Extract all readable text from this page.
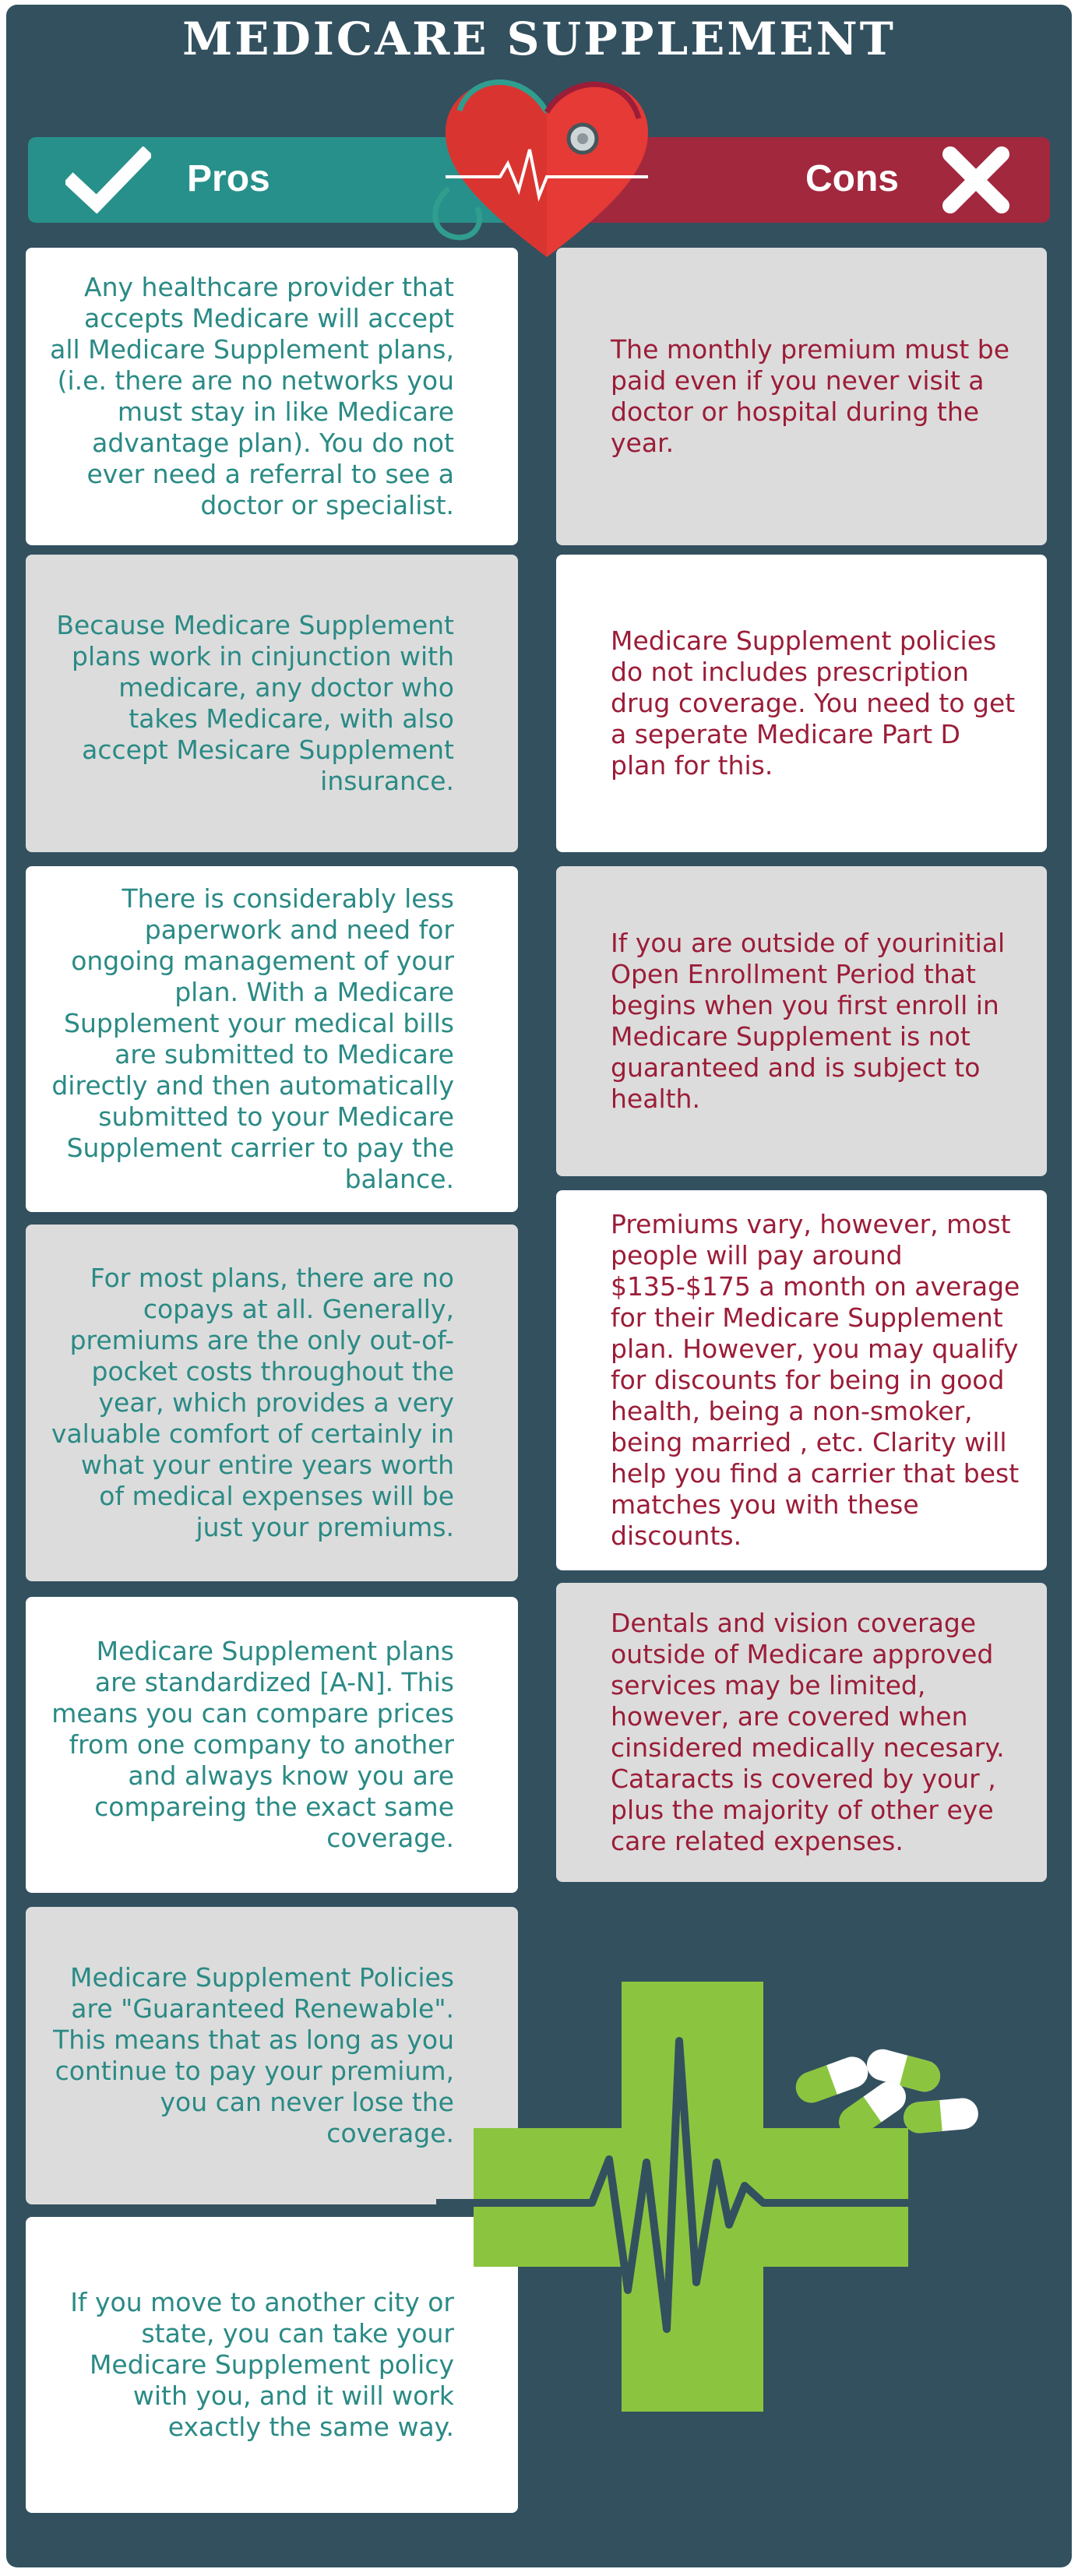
MEDICARE SUPPLEMENT
Pros	Cons
Any healthcare provider that accepts Medicare will accept all Medicare Supplement plans, (i.e. there are no networks you must stay in like Medicare advantage plan). You do not ever need a referral to see a doctor or specialist.
Because Medicare Supplement plans work in cinjunction with medicare, any doctor who takes Medicare, with also accept Mesicare Supplement insurance.
There is considerably less paperwork and need for ongoing management of your plan. With a Medicare Supplement your medical bills are submitted to Medicare directly and then automatically submitted to your Medicare Supplement carrier to pay the balance.
For most plans, there are no copays at all. Generally, premiums are the only out-of-pocket costs throughout the year, which provides a very valuable comfort of certainly in what your entire years worth of medical expenses will be just your premiums.
Medicare Supplement plans are standardized [A-N]. This means you can compare prices from one company to another and always know you are compareing the exact same coverage.
Medicare Supplement Policies are "Guaranteed Renewable". This means that as long as you continue to pay your premium, you can never lose the coverage.
If you move to another city or state, you can take your Medicare Supplement policy with you, and it will work exactly the same way.
The monthly premium must be paid even if you never visit a doctor or hospital during the year.
Medicare Supplement policies do not includes prescription drug coverage. You need to get a seperate Medicare Part D plan for this.
If you are outside of yourinitial Open Enrollment Period that begins when you first enroll in Medicare Supplement is not guaranteed and is subject to health.
Premiums vary, however, most people will pay around $135-$175 a month on average for their Medicare Supplement plan. However, you may qualify for discounts for being in good health, being a non-smoker, being married , etc. Clarity will help you find a carrier that best matches you with these discounts.
Dentals and vision coverage outside of Medicare approved services may be limited, however, are covered when cinsidered medically necesary. Cataracts is covered by your , plus the majority of other eye care related expenses.
